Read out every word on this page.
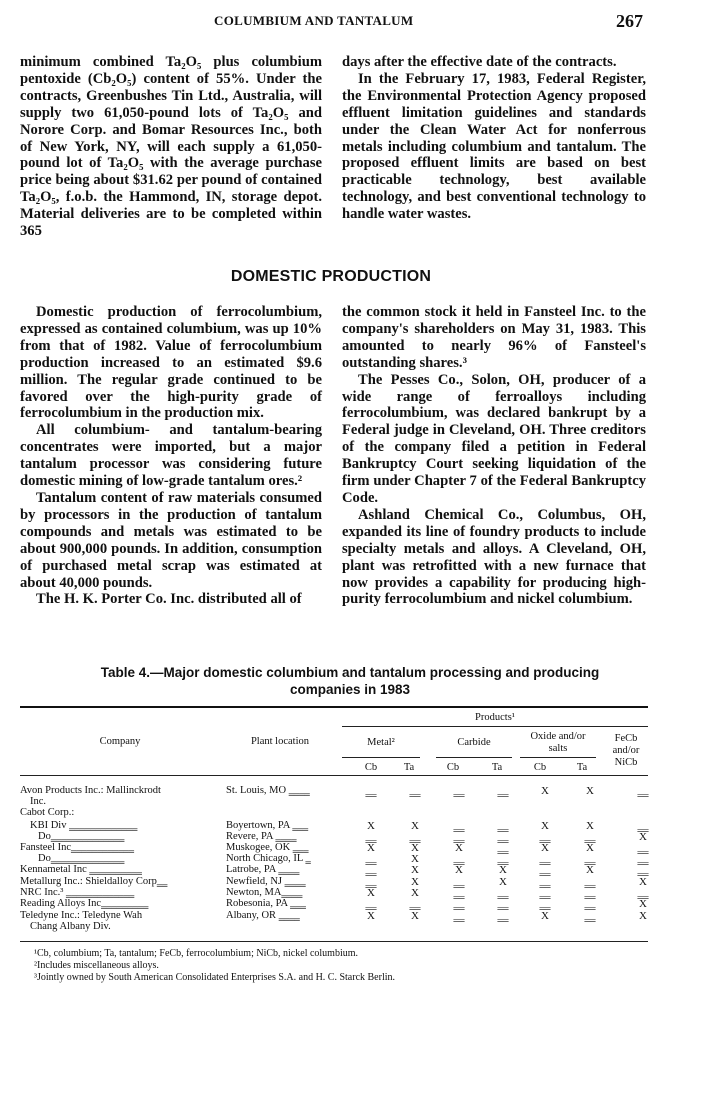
COLUMBIUM AND TANTALUM	267

minimum combined Ta₂O₅ plus columbium pentoxide (Cb₂O₅) content of 55%. Under the contracts, Greenbushes Tin Ltd., Australia, will supply two 61,050-pound lots of Ta₂O₅ and Norore Corp. and Bomar Resources Inc., both of New York, NY, will each supply a 61,050-pound lot of Ta₂O₅ with the average purchase price being about $31.62 per pound of contained Ta₂O₅, f.o.b. the Hammond, IN, storage depot. Material deliveries are to be completed within 365

days after the effective date of the contracts.

In the February 17, 1983, Federal Register, the Environmental Protection Agency proposed effluent limitation guidelines and standards under the Clean Water Act for nonferrous metals including columbium and tantalum. The proposed effluent limits are based on best practicable technology, best available technology, and best conventional technology to handle water wastes.

DOMESTIC PRODUCTION

Domestic production of ferrocolumbium, expressed as contained columbium, was up 10% from that of 1982. Value of ferrocolumbium production increased to an estimated $9.6 million. The regular grade continued to be favored over the high-purity grade of ferrocolumbium in the production mix.

All columbium- and tantalum-bearing concentrates were imported, but a major tantalum processor was considering future domestic mining of low-grade tantalum ores.²

Tantalum content of raw materials consumed by processors in the production of tantalum compounds and metals was estimated to be about 900,000 pounds. In addition, consumption of purchased metal scrap was estimated at about 40,000 pounds.

The H. K. Porter Co. Inc. distributed all of

the common stock it held in Fansteel Inc. to the company's shareholders on May 31, 1983. This amounted to nearly 96% of Fansteel's outstanding shares.³

The Pesses Co., Solon, OH, producer of a wide range of ferroalloys including ferrocolumbium, was declared bankrupt by a Federal judge in Cleveland, OH. Three creditors of the company filed a petition in Federal Bankruptcy Court seeking liquidation of the firm under Chapter 7 of the Federal Bankruptcy Code.

Ashland Chemical Co., Columbus, OH, expanded its line of foundry products to include specialty metals and alloys. A Cleveland, OH, plant was retrofitted with a new furnace that now provides a capability for producing high-purity ferrocolumbium and nickel columbium.

Table 4.—Major domestic columbium and tantalum processing and producing
companies in 1983
Company	Plant location
Products¹
Metal²	Carbide
Oxide and/or salts
FeCb and/or NiCb
Cb	Ta	Cb	Ta	Cb	Ta
Avon Products Inc.: Mallinckrodt	St. Louis, MO ‗‗‗‗	‗‗	‗‗	‗‗	‗‗	X	X	‗‗
Inc.
Cabot Corp.:
KBI Div ‗‗‗‗‗‗‗‗‗‗‗‗‗	Boyertown, PA ‗‗‗	X	X	‗‗	‗‗	X	X	‗‗
Do‗‗‗‗‗‗‗‗‗‗‗‗‗‗	Revere, PA ‗‗‗‗	‗‗	‗‗	‗‗	‗‗	‗‗	‗‗	X
Fansteel Inc‗‗‗‗‗‗‗‗‗‗‗‗	Muskogee, OK ‗‗‗	X	X	X	‗‗	X	X	‗‗
Do‗‗‗‗‗‗‗‗‗‗‗‗‗‗	North Chicago, IL ‗	‗‗	X	‗‗	‗‗	‗‗	‗‗	‗‗
Kennametal Inc ‗‗‗‗‗‗‗‗‗‗	Latrobe, PA ‗‗‗‗	‗‗	X	X	X	‗‗	X	‗‗
Metallurg Inc.: Shieldalloy Corp‗‗	Newfield, NJ ‗‗‗‗	‗‗	X	‗‗	X	‗‗	‗‗	X
NRC Inc.³ ‗‗‗‗‗‗‗‗‗‗‗‗‗	Newton, MA‗‗‗‗	X	X	‗‗	‗‗	‗‗	‗‗	‗‗
Reading Alloys Inc‗‗‗‗‗‗‗‗‗	Robesonia, PA ‗‗‗	‗‗	‗‗	‗‗	‗‗	‗‗	‗‗	X
Teledyne Inc.: Teledyne Wah	Albany, OR ‗‗‗‗	X	X	‗‗	‗‗	X	‗‗	X
Chang Albany Div.
¹Cb, columbium; Ta, tantalum; FeCb, ferrocolumbium; NiCb, nickel columbium.
²Includes miscellaneous alloys.
³Jointly owned by South American Consolidated Enterprises S.A. and H. C. Starck Berlin.
